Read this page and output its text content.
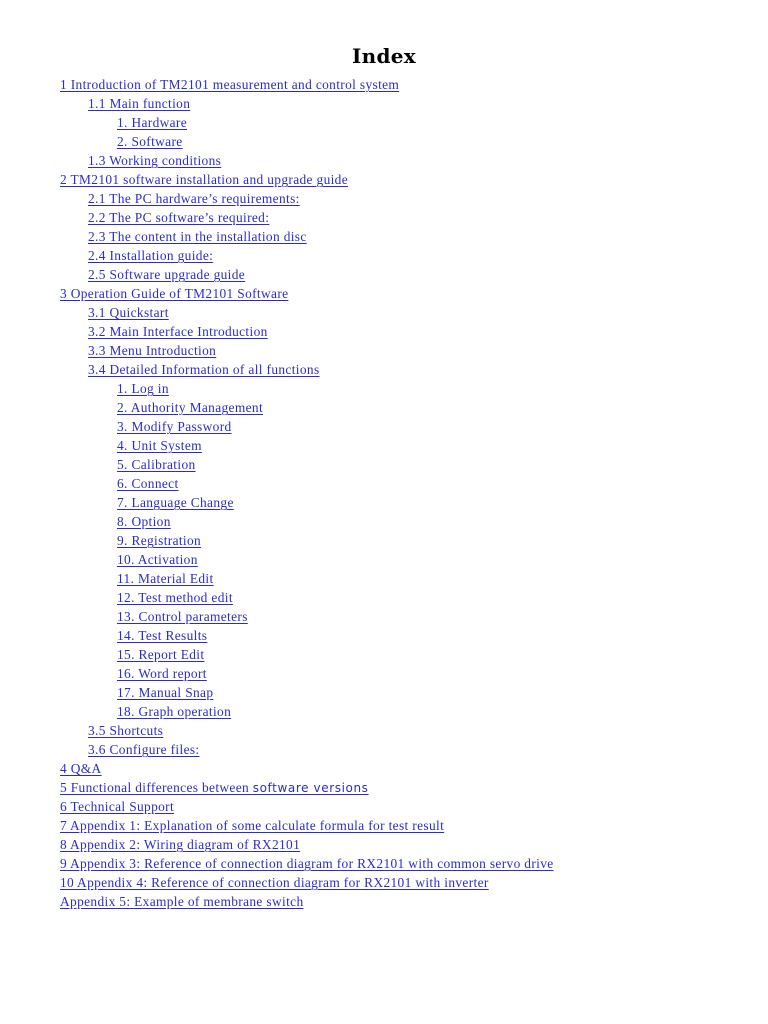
Index
1 Introduction of TM2101 measurement and control system
1.1 Main function
1. Hardware
2. Software
1.3 Working conditions
2 TM2101 software installation and upgrade guide
2.1 The PC hardware’s requirements:
2.2 The PC software’s required:
2.3 The content in the installation disc
2.4 Installation guide:
2.5 Software upgrade guide
3 Operation Guide of TM2101 Software
3.1 Quickstart
3.2 Main Interface Introduction
3.3 Menu Introduction
3.4 Detailed Information of all functions
1. Log in
2. Authority Management
3. Modify Password
4. Unit System
5. Calibration
6. Connect
7. Language Change
8. Option
9. Registration
10. Activation
11. Material Edit
12. Test method edit
13. Control parameters
14. Test Results
15. Report Edit
16. Word report
17. Manual Snap
18. Graph operation
3.5 Shortcuts
3.6 Configure files:
4 Q&A
5 Functional differences between software versions
6 Technical Support
7 Appendix 1: Explanation of some calculate formula for test result
8 Appendix 2: Wiring diagram of RX2101
9 Appendix 3: Reference of connection diagram for RX2101 with common servo drive
10 Appendix 4: Reference of connection diagram for RX2101 with inverter
Appendix 5: Example of membrane switch
